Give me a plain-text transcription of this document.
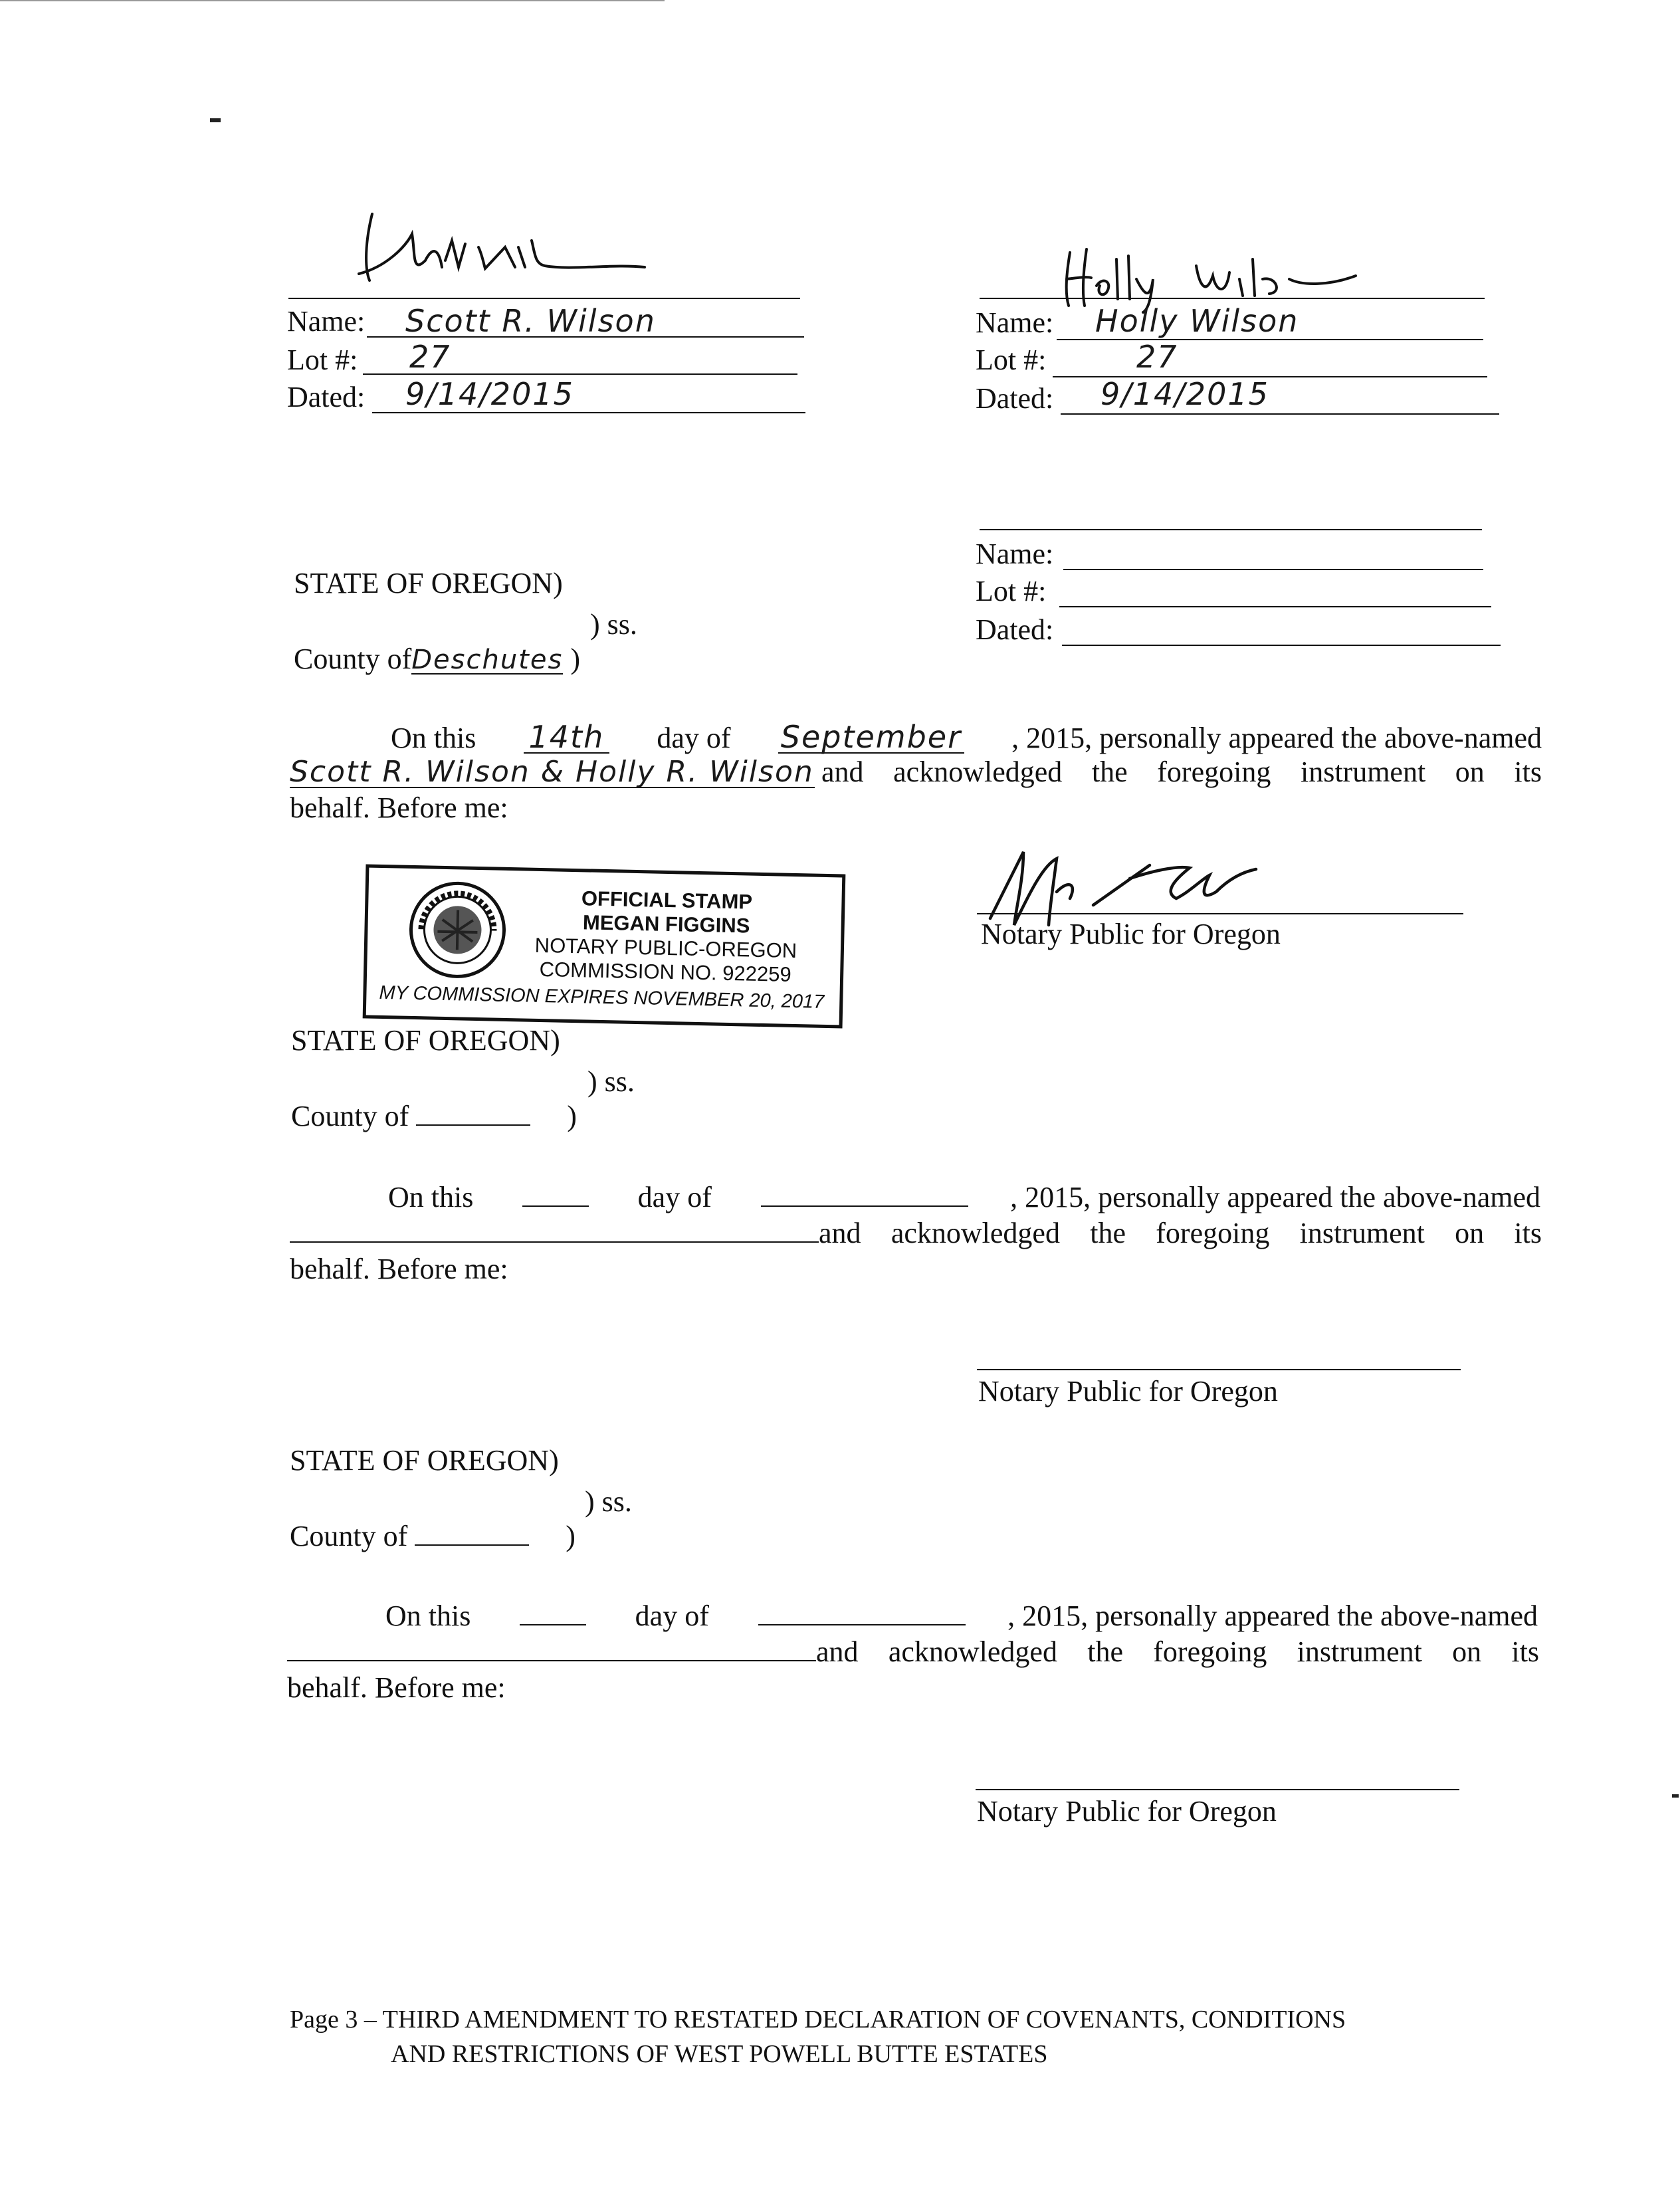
Name: Scott R. Wilson
Lot #: 27
Dated: 9/14/2015
Name: Holly Wilson
Lot #:	27
Dated: 9/14/2015
Name:
Lot #:
Dated:
STATE OF OREGON)
) ss.
County ofDeschutes )
On this 14th day of September , 2015, personally appeared the above-named
Scott R. Wilson & Holly R. Wilson and acknowledged the foregoing instrument on its
behalf. Before me:
Notary Public for Oregon
OFFICIAL STAMP
MEGAN FIGGINS
NOTARY PUBLIC-OREGON
COMMISSION NO. 922259
MY COMMISSION EXPIRES NOVEMBER 20, 2017
STATE OF OREGON)
) ss.
County of	)
On this	day of	, 2015, personally appeared the above-named
and acknowledged the foregoing instrument on its
behalf. Before me:
Notary Public for Oregon
STATE OF OREGON)
) ss.
County of	)
On this	day of	, 2015, personally appeared the above-named
and acknowledged the foregoing instrument on its
behalf. Before me:
Notary Public for Oregon
Page 3 – THIRD AMENDMENT TO RESTATED DECLARATION OF COVENANTS, CONDITIONS
AND RESTRICTIONS OF WEST POWELL BUTTE ESTATES
